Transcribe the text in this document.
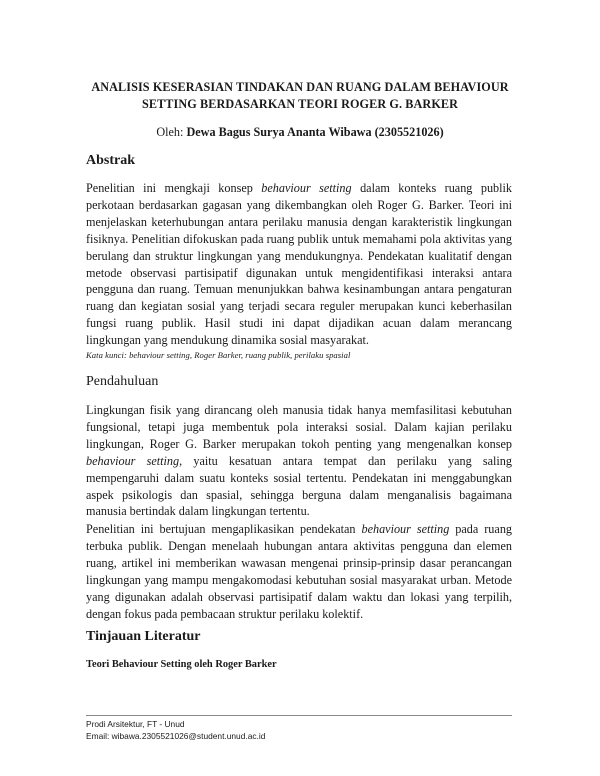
ANALISIS KESERASIAN TINDAKAN DAN RUANG DALAM BEHAVIOUR
SETTING BERDASARKAN TEORI ROGER G. BARKER
Oleh: Dewa Bagus Surya Ananta Wibawa (2305521026)
Abstrak
Penelitian ini mengkaji konsep behaviour setting dalam konteks ruang publik perkotaan berdasarkan gagasan yang dikembangkan oleh Roger G. Barker. Teori ini menjelaskan keterhubungan antara perilaku manusia dengan karakteristik lingkungan fisiknya. Penelitian difokuskan pada ruang publik untuk memahami pola aktivitas yang berulang dan struktur lingkungan yang mendukungnya. Pendekatan kualitatif dengan metode observasi partisipatif digunakan untuk mengidentifikasi interaksi antara pengguna dan ruang. Temuan menunjukkan bahwa kesinambungan antara pengaturan ruang dan kegiatan sosial yang terjadi secara reguler merupakan kunci keberhasilan fungsi ruang publik. Hasil studi ini dapat dijadikan acuan dalam merancang lingkungan yang mendukung dinamika sosial masyarakat.
Kata kunci: behaviour setting, Roger Barker, ruang publik, perilaku spasial
Pendahuluan
Lingkungan fisik yang dirancang oleh manusia tidak hanya memfasilitasi kebutuhan fungsional, tetapi juga membentuk pola interaksi sosial. Dalam kajian perilaku lingkungan, Roger G. Barker merupakan tokoh penting yang mengenalkan konsep behaviour setting, yaitu kesatuan antara tempat dan perilaku yang saling mempengaruhi dalam suatu konteks sosial tertentu. Pendekatan ini menggabungkan aspek psikologis dan spasial, sehingga berguna dalam menganalisis bagaimana manusia bertindak dalam lingkungan tertentu.
Penelitian ini bertujuan mengaplikasikan pendekatan behaviour setting pada ruang terbuka publik. Dengan menelaah hubungan antara aktivitas pengguna dan elemen ruang, artikel ini memberikan wawasan mengenai prinsip-prinsip dasar perancangan lingkungan yang mampu mengakomodasi kebutuhan sosial masyarakat urban. Metode yang digunakan adalah observasi partisipatif dalam waktu dan lokasi yang terpilih, dengan fokus pada pembacaan struktur perilaku kolektif.
Tinjauan Literatur
Teori Behaviour Setting oleh Roger Barker
Prodi Arsitektur, FT - Unud
Email: wibawa.2305521026@student.unud.ac.id
